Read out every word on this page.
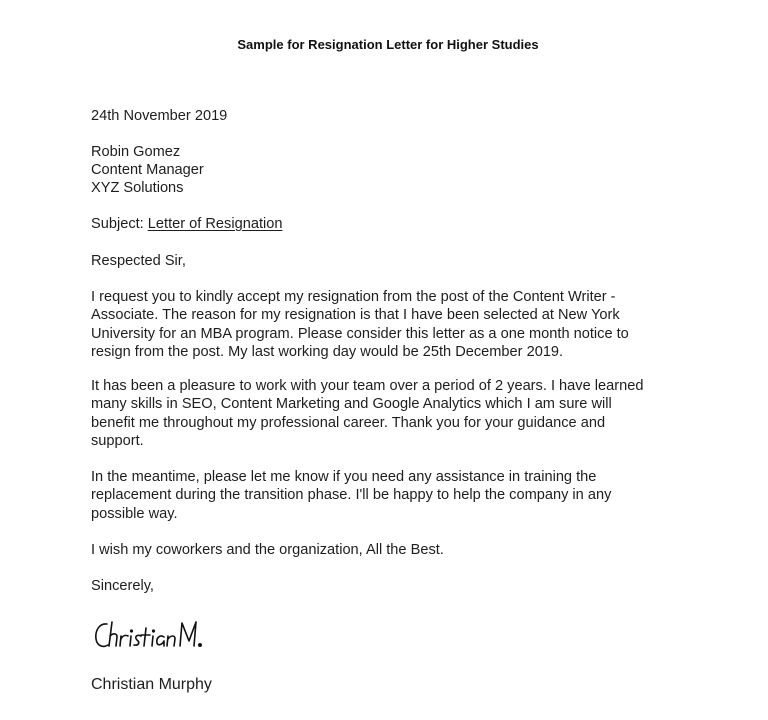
Sample for Resignation Letter for Higher Studies
24th November 2019
Robin Gomez
Content Manager
XYZ Solutions
Subject: Letter of Resignation
Respected Sir,
I request you to kindly accept my resignation from the post of the Content Writer -
Associate. The reason for my resignation is that I have been selected at New York
University for an MBA program. Please consider this letter as a one month notice to
resign from the post. My last working day would be 25th December 2019.
It has been a pleasure to work with your team over a period of 2 years. I have learned
many skills in SEO, Content Marketing and Google Analytics which I am sure will
benefit me throughout my professional career. Thank you for your guidance and
support.
In the meantime, please let me know if you need any assistance in training the
replacement during the transition phase. I'll be happy to help the company in any
possible way.
I wish my coworkers and the organization, All the Best.
Sincerely,
Christian Murphy
